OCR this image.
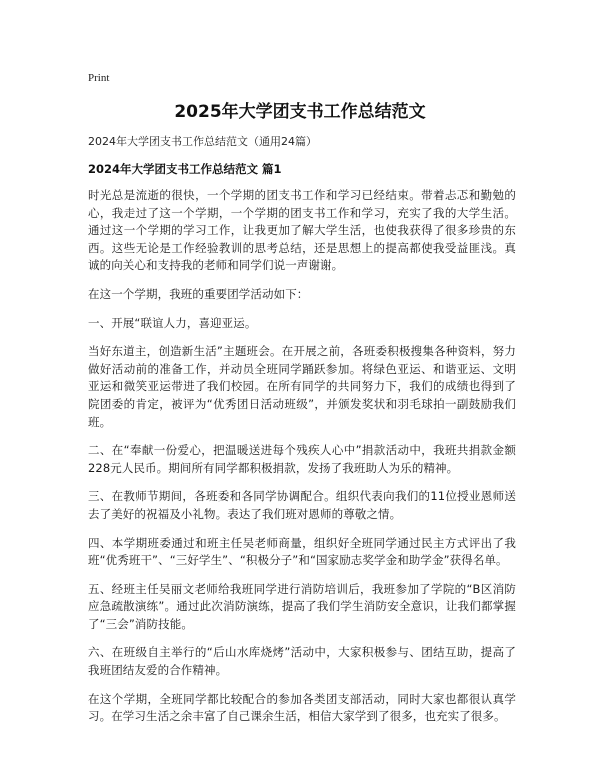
Print
2025年大学团支书工作总结范文
2024年大学团支书工作总结范文（通用24篇）
2024年大学团支书工作总结范文 篇1

时光总是流逝的很快，一个学期的团支书工作和学习已经结束。带着忐忑和勤勉的心，我走过了这一个学期，一个学期的团支书工作和学习，充实了我的大学生活。通过这一个学期的学习工作，让我更加了解大学生活，也使我获得了很多珍贵的东西。这些无论是工作经验教训的思考总结，还是思想上的提高都使我受益匪浅。真诚的向关心和支持我的老师和同学们说一声谢谢。

在这一个学期，我班的重要团学活动如下：

一、开展“联谊人力，喜迎亚运。

当好东道主，创造新生活”主题班会。在开展之前，各班委积极搜集各种资料，努力做好活动前的准备工作，并动员全班同学踊跃参加。将绿色亚运、和谐亚运、文明亚运和微笑亚运带进了我们校园。在所有同学的共同努力下，我们的成绩也得到了院团委的肯定，被评为“优秀团日活动班级”，并颁发奖状和羽毛球拍一副鼓励我们班。

二、在“奉献一份爱心，把温暖送进每个残疾人心中”捐款活动中，我班共捐款金额228元人民币。期间所有同学都积极捐款，发扬了我班助人为乐的精神。

三、在教师节期间，各班委和各同学协调配合。组织代表向我们的11位授业恩师送去了美好的祝福及小礼物。表达了我们班对恩师的尊敬之情。

四、本学期班委通过和班主任吴老师商量，组织好全班同学通过民主方式评出了我班“优秀班干”、“三好学生”、“积极分子”和“国家励志奖学金和助学金”获得名单。

五、经班主任吴丽文老师给我班同学进行消防培训后，我班参加了学院的“B区消防应急疏散演练”。通过此次消防演练，提高了我们学生消防安全意识，让我们都掌握了“三会”消防技能。

六、在班级自主举行的“后山水库烧烤”活动中，大家积极参与、团结互助，提高了我班团结友爱的合作精神。

在这个学期，全班同学都比较配合的参加各类团支部活动，同时大家也都很认真学习。在学习生活之余丰富了自己课余生活，相信大家学到了很多，也充实了很多。
